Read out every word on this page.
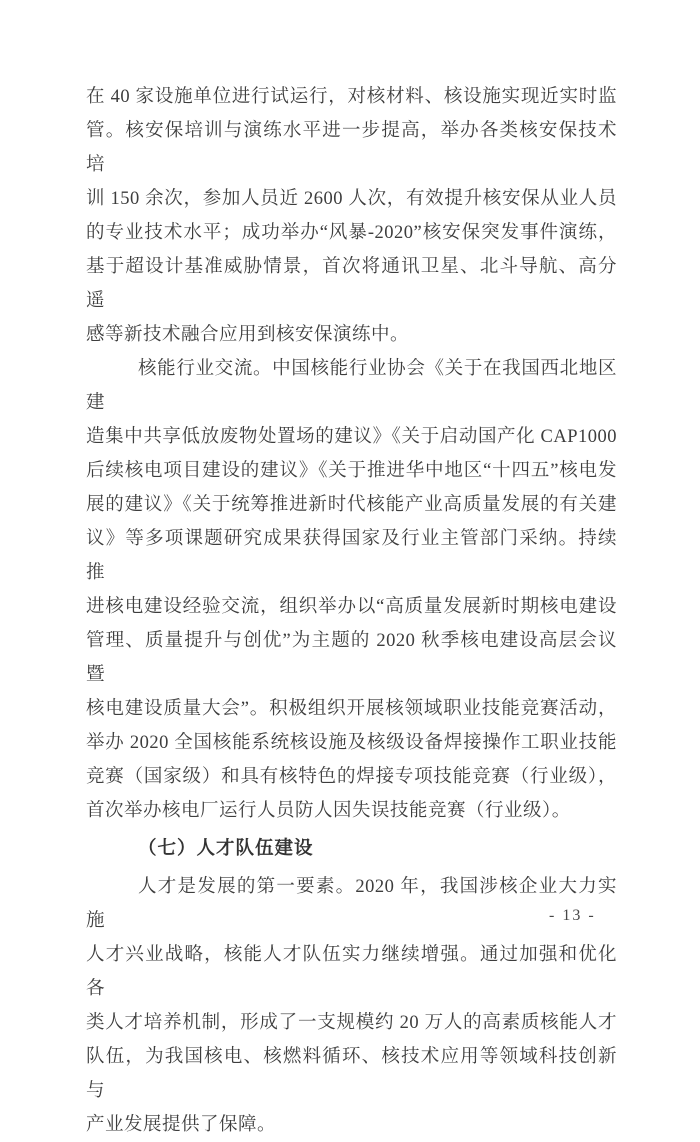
在 40 家设施单位进行试运行，对核材料、核设施实现近实时监
管。核安保培训与演练水平进一步提高，举办各类核安保技术培
训 150 余次，参加人员近 2600 人次，有效提升核安保从业人员
的专业技术水平；成功举办“风暴-2020”核安保突发事件演练，
基于超设计基准威胁情景，首次将通讯卫星、北斗导航、高分遥
感等新技术融合应用到核安保演练中。
核能行业交流。中国核能行业协会《关于在我国西北地区建
造集中共享低放废物处置场的建议》《关于启动国产化 CAP1000
后续核电项目建设的建议》《关于推进华中地区“十四五”核电发
展的建议》《关于统筹推进新时代核能产业高质量发展的有关建
议》等多项课题研究成果获得国家及行业主管部门采纳。持续推
进核电建设经验交流，组织举办以“高质量发展新时期核电建设
管理、质量提升与创优”为主题的 2020 秋季核电建设高层会议暨
核电建设质量大会”。积极组织开展核领域职业技能竞赛活动，
举办 2020 全国核能系统核设施及核级设备焊接操作工职业技能
竞赛（国家级）和具有核特色的焊接专项技能竞赛（行业级），
首次举办核电厂运行人员防人因失误技能竞赛（行业级）。
（七）人才队伍建设
人才是发展的第一要素。2020 年，我国涉核企业大力实施
人才兴业战略，核能人才队伍实力继续增强。通过加强和优化各
类人才培养机制，形成了一支规模约 20 万人的高素质核能人才
队伍，为我国核电、核燃料循环、核技术应用等领域科技创新与
产业发展提供了保障。
- 13 -
